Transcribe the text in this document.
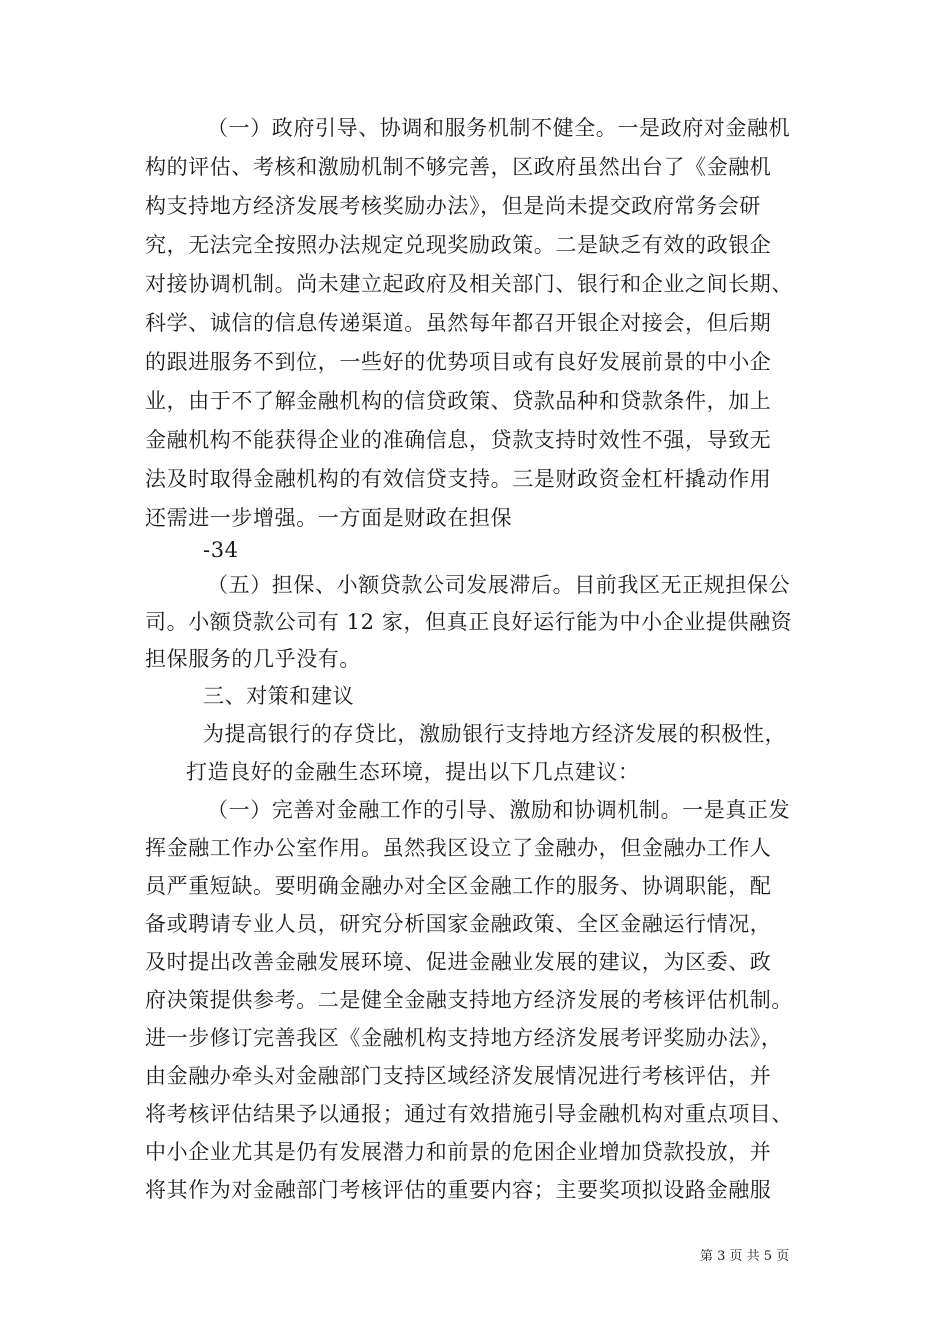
（一）政府引导、协调和服务机制不健全。一是政府对金融机
构的评估、考核和激励机制不够完善，区政府虽然出台了《金融机
构支持地方经济发展考核奖励办法》，但是尚未提交政府常务会研
究，无法完全按照办法规定兑现奖励政策。二是缺乏有效的政银企
对接协调机制。尚未建立起政府及相关部门、银行和企业之间长期、
科学、诚信的信息传递渠道。虽然每年都召开银企对接会，但后期
的跟进服务不到位，一些好的优势项目或有良好发展前景的中小企
业，由于不了解金融机构的信贷政策、贷款品种和贷款条件，加上
金融机构不能获得企业的准确信息，贷款支持时效性不强，导致无
法及时取得金融机构的有效信贷支持。三是财政资金杠杆撬动作用
还需进一步增强。一方面是财政在担保
-34
（五）担保、小额贷款公司发展滞后。目前我区无正规担保公
司。小额贷款公司有 12 家，但真正良好运行能为中小企业提供融资
担保服务的几乎没有。
三、对策和建议
为提高银行的存贷比，激励银行支持地方经济发展的积极性，
打造良好的金融生态环境，提出以下几点建议：
（一）完善对金融工作的引导、激励和协调机制。一是真正发
挥金融工作办公室作用。虽然我区设立了金融办，但金融办工作人
员严重短缺。要明确金融办对全区金融工作的服务、协调职能，配
备或聘请专业人员，研究分析国家金融政策、全区金融运行情况，
及时提出改善金融发展环境、促进金融业发展的建议，为区委、政
府决策提供参考。二是健全金融支持地方经济发展的考核评估机制。
进一步修订完善我区《金融机构支持地方经济发展考评奖励办法》，
由金融办牵头对金融部门支持区域经济发展情况进行考核评估，并
将考核评估结果予以通报；通过有效措施引导金融机构对重点项目、
中小企业尤其是仍有发展潜力和前景的危困企业增加贷款投放，并
将其作为对金融部门考核评估的重要内容；主要奖项拟设路金融服
第 3 页 共 5 页
